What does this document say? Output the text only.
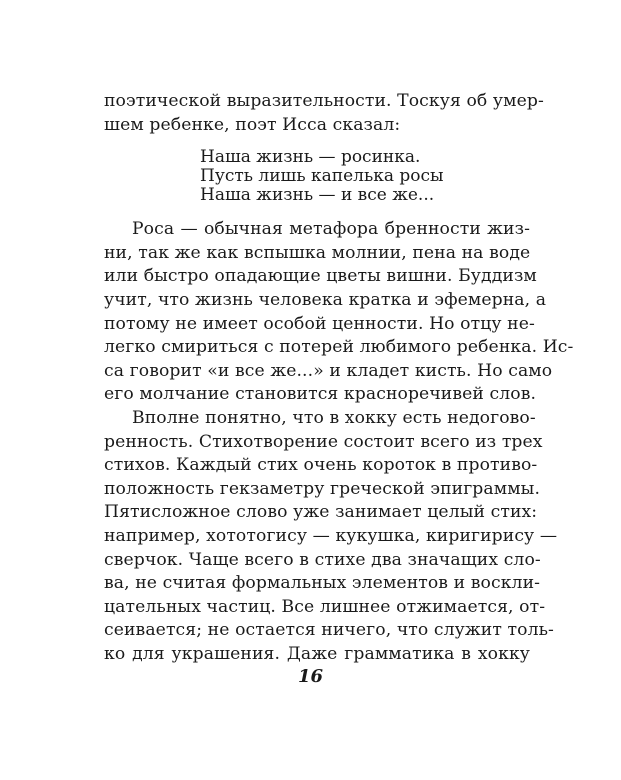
поэтической выразительности. Тоскуя об умер-
шем ребенке, поэт Исса сказал:
Наша жизнь — росинка.
Пусть лишь капелька росы
Наша жизнь — и все же...
Роса — обычная метафора бренности жиз-
ни, так же как вспышка молнии, пена на воде
или быстро опадающие цветы вишни. Буддизм
учит, что жизнь человека кратка и эфемерна, а
потому не имеет особой ценности. Но отцу не-
легко смириться с потерей любимого ребенка. Ис-
са говорит «и все же...» и кладет кисть. Но само
его молчание становится красноречивей слов.
Вполне понятно, что в хокку есть недогово-
ренность. Стихотворение состоит всего из трех
стихов. Каждый стих очень короток в противо-
положность гекзаметру греческой эпиграммы.
Пятисложное слово уже занимает целый стих:
например, хототогису — кукушка, киригирису —
сверчок. Чаще всего в стихе два значащих сло-
ва, не считая формальных элементов и воскли-
цательных частиц. Все лишнее отжимается, от-
сеивается; не остается ничего, что служит толь-
ко для украшения. Даже грамматика в хокку
16
